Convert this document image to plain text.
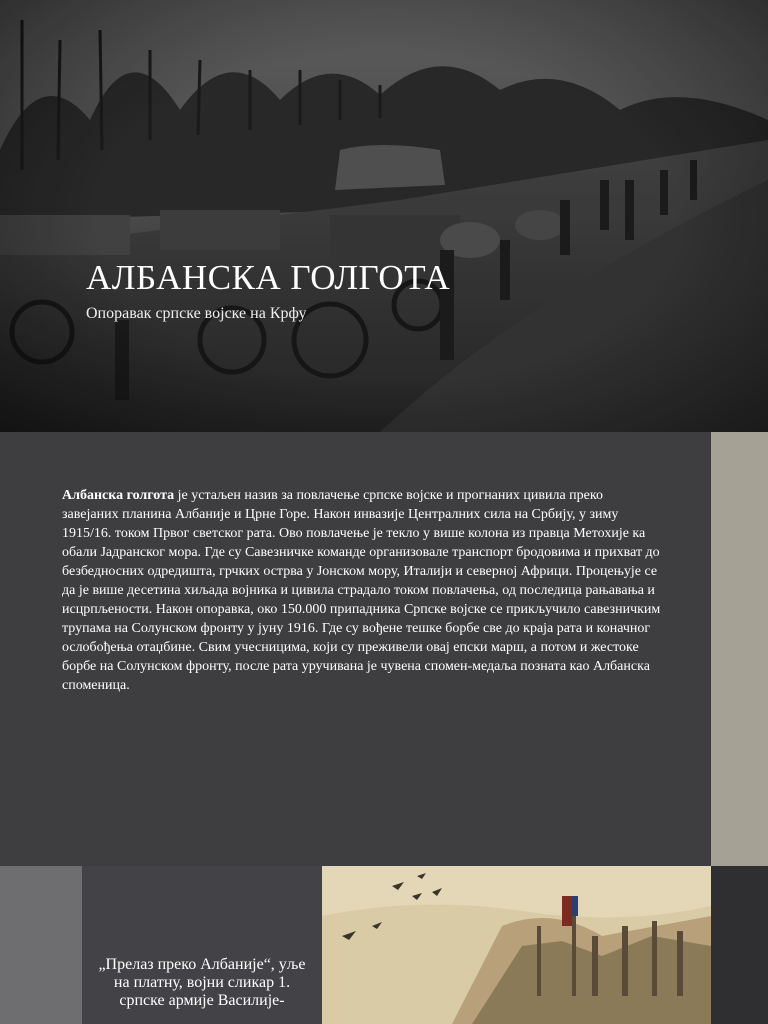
АЛБАНСКА ГОЛГОТА

Опоравак српске војске на Крфу

Албанска голгота је устаљен назив за повлачење српске војске и прогнаних цивила преко завејаних планина Албаније и Црне Горе. Након инвазије Централних сила на Србију, у зиму 1915/16. током Првог светског рата. Ово повлачење је текло у више колона из правца Метохије ка обали Јадранског мора. Где су Савезничке команде организовале транспорт бродовима и прихват до безбедносних одредишта, грчких острва у Јонском мору, Италији и северној Африци. Процењује се да је више десетина хиљада војника и цивила страдало током повлачења, од последица рањавања и исцрпљености. Након опоравка, око 150.000 припадника Српске војске се прикључило савезничким трупама на Солунском фронту у јуну 1916. Где су вођене тешке борбе све до краја рата и коначног ослобођења отаџбине. Свим учесницима, који су преживели овај епски марш, а потом и жестоке борбе на Солунском фронту, после рата уручивана је чувена спомен-медаља позната као Албанска споменица.

„Прелаз преко Албаније“, уље на платну, војни сликар 1. српске армије Василије-
